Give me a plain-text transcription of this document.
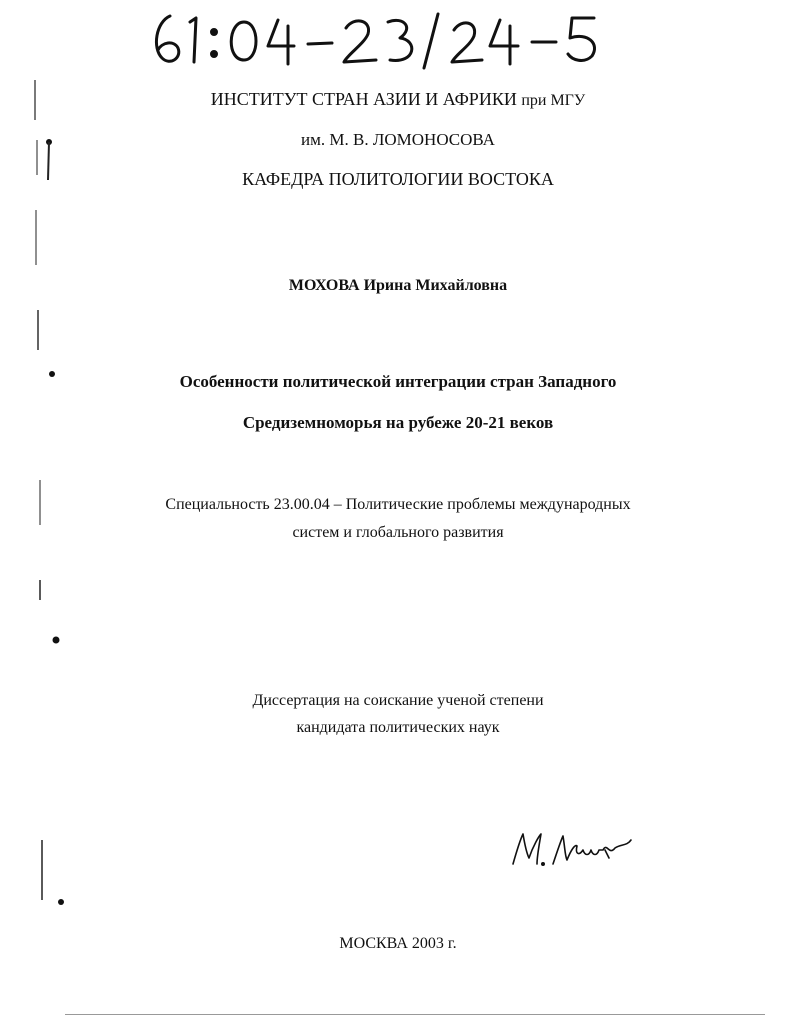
ИНСТИТУТ СТРАН АЗИИ И АФРИКИ при МГУ
им. М. В. ЛОМОНОСОВА
КАФЕДРА ПОЛИТОЛОГИИ ВОСТОКА
МОХОВА Ирина Михайловна
Особенности политической интеграции стран Западного
Средиземноморья на рубеже 20-21 веков
Специальность 23.00.04 – Политические проблемы международных
систем и глобального развития
Диссертация на соискание ученой степени
кандидата политических наук
МОСКВА 2003 г.
